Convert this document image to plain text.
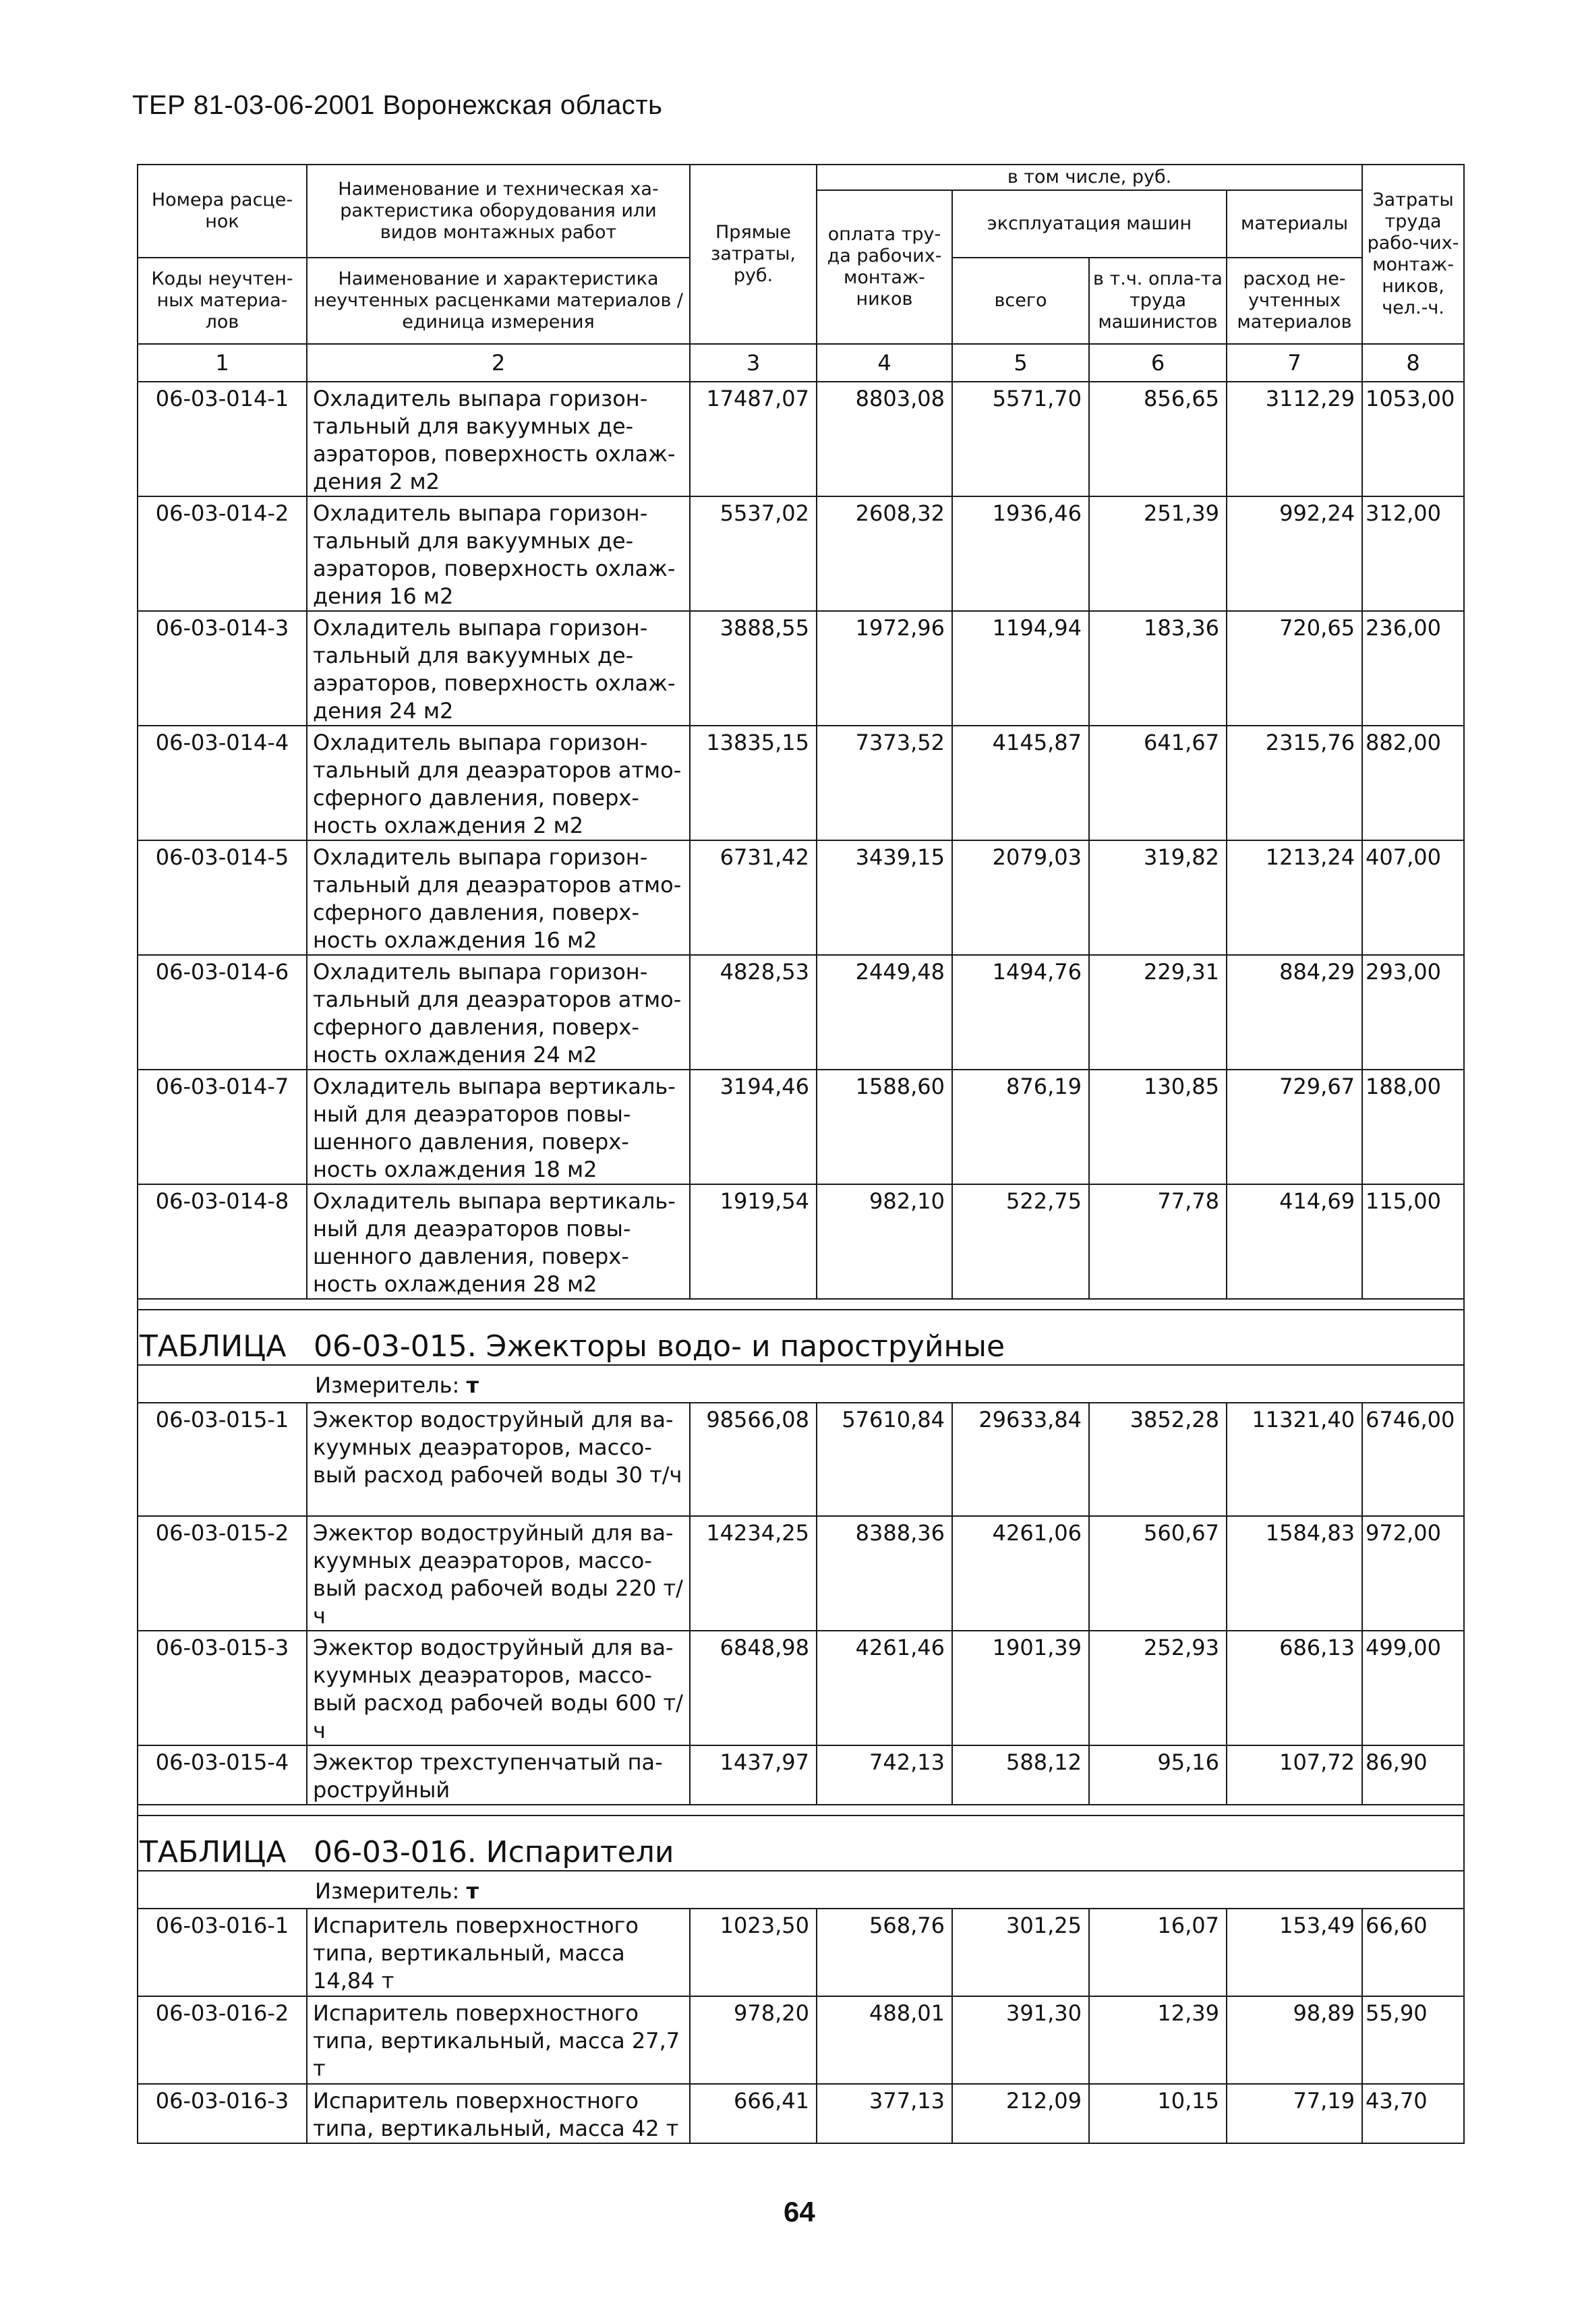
ТЕР 81-03-06-2001 Воронежская область
Номера расце-нок	Наименование и техническая ха-рактеристика оборудования или видов монтажных работ	Прямые затраты, руб.	в том числе, руб.				Затраты труда рабо-чих-монтаж-ников, чел.-ч.
			оплата тру-да рабочих-монтаж-ников	эксплуатация машин		материалы	
Коды неучтен-ных материа-лов	Наименование и характеристика неучтенных расценками материалов / единица измерения			всего	в т.ч. опла-та труда машинистов	расход не-учтенных материалов	

1	2	3	4	5	6	7	8
06-03-014-1	Охладитель выпара горизон-тальный для вакуумных де-аэраторов, поверхность охлаж-дения 2 м2	17487,07	8803,08	5571,70	856,65	3112,29	1053,00
06-03-014-2	Охладитель выпара горизон-тальный для вакуумных де-аэраторов, поверхность охлаж-дения 16 м2	5537,02	2608,32	1936,46	251,39	992,24	312,00
06-03-014-3	Охладитель выпара горизон-тальный для вакуумных де-аэраторов, поверхность охлаж-дения 24 м2	3888,55	1972,96	1194,94	183,36	720,65	236,00
06-03-014-4	Охладитель выпара горизон-тальный для деаэраторов атмо-сферного давления, поверх-ность охлаждения 2 м2	13835,15	7373,52	4145,87	641,67	2315,76	882,00
06-03-014-5	Охладитель выпара горизон-тальный для деаэраторов атмо-сферного давления, поверх-ность охлаждения 16 м2	6731,42	3439,15	2079,03	319,82	1213,24	407,00
06-03-014-6	Охладитель выпара горизон-тальный для деаэраторов атмо-сферного давления, поверх-ность охлаждения 24 м2	4828,53	2449,48	1494,76	229,31	884,29	293,00
06-03-014-7	Охладитель выпара вертикаль-ный для деаэраторов повы-шенного давления, поверх-ность охлаждения 18 м2	3194,46	1588,60	876,19	130,85	729,67	188,00
06-03-014-8	Охладитель выпара вертикаль-ный для деаэраторов повы-шенного давления, поверх-ность охлаждения 28 м2	1919,54	982,10	522,75	77,78	414,69	115,00

ТАБЛИЦА 06-03-015. Эжекторы водо- и пароструйные							
Измеритель: т							
06-03-015-1	Эжектор водоструйный для ва-куумных деаэраторов, массо-вый расход рабочей воды 30 т/ч	98566,08	57610,84	29633,84	3852,28	11321,40	6746,00
06-03-015-2	Эжектор водоструйный для ва-куумных деаэраторов, массо-вый расход рабочей воды 220 т/ч	14234,25	8388,36	4261,06	560,67	1584,83	972,00
06-03-015-3	Эжектор водоструйный для ва-куумных деаэраторов, массо-вый расход рабочей воды 600 т/ч	6848,98	4261,46	1901,39	252,93	686,13	499,00
06-03-015-4	Эжектор трехступенчатый па-роструйный	1437,97	742,13	588,12	95,16	107,72	86,90

ТАБЛИЦА 06-03-016. Испарители							
Измеритель: т							
06-03-016-1	Испаритель поверхностного типа, вертикальный, масса 14,84 т	1023,50	568,76	301,25	16,07	153,49	66,60
06-03-016-2	Испаритель поверхностного типа, вертикальный, масса 27,7 т	978,20	488,01	391,30	12,39	98,89	55,90
06-03-016-3	Испаритель поверхностного типа, вертикальный, масса 42 т	666,41	377,13	212,09	10,15	77,19	43,70
64
